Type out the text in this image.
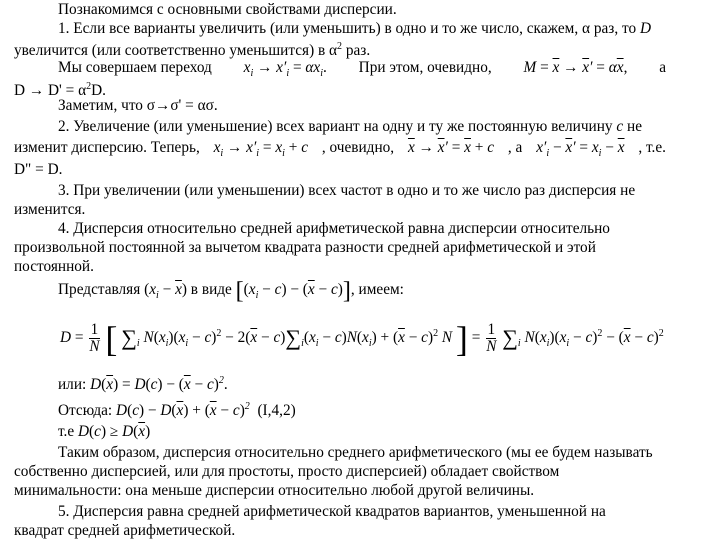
Познакомимся с основными свойствами дисперсии.
1. Если все варианты увеличить (или уменьшить) в одно и то же число, скажем, α раз, то D
увеличится (или соответственно уменьшится) в $\alpha^2$ раз.
Мы совершаем переход $x_i \to x'_i = \alpha x_i$. При этом, очевидно, $M = \overline{x} \to \overline{x}' = \alpha\overline{x}$, а
$D \to D' = \alpha^2D$.
Заметим, что σ→σ' = ασ.
2. Увеличение (или уменьшение) всех вариант на одну и ту же постоянную величину c не
изменит дисперсию. Теперь, $x_i \to x'_i = x_i + c$ , очевидно, $\overline{x} \to \overline{x}' = \overline{x} + c$ , а $x'_i - \overline{x}' = x_i - \overline{x}$ , т.е.
D" = D.
3. При увеличении (или уменьшении) всех частот в одно и то же число раз дисперсия не
изменится.
4. Дисперсия относительно средней арифметической равна дисперсии относительно
произвольной постоянной за вычетом квадрата разности средней арифметической и этой
постоянной.
Представляя $(x_i - \overline{x})$ в виде $[(x_i - c) - (\overline{x} - c)]$, имеем:
$D = \frac{1}{N}$ [ $\sum_i$ $N(x_i)(x_i - c)^2 - 2(\overline{x} - c)\sum_i(x_i - c)N(x_i) + (\overline{x} - c)^2$ N ] = $\frac{1}{N} \sum_i$ $N(x_i)(x_i - c)^2 - (\overline{x} - c)^2$
или: $D(\overline{x}) = D(c) - (\overline{x} - c)^2$.
Отсюда: $D(c) - D(\overline{x}) + (\overline{x} - c)^2$ (I,4,2)
т.е $D(c) \ge D(\overline{x})$
Таким образом, дисперсия относительно среднего арифметического (мы ее будем называть
собственно дисперсией, или для простоты, просто дисперсией) обладает свойством
минимальности: она меньше дисперсии относительно любой другой величины.
5. Дисперсия равна средней арифметической квадратов вариантов, уменьшенной на
квадрат средней арифметической.
